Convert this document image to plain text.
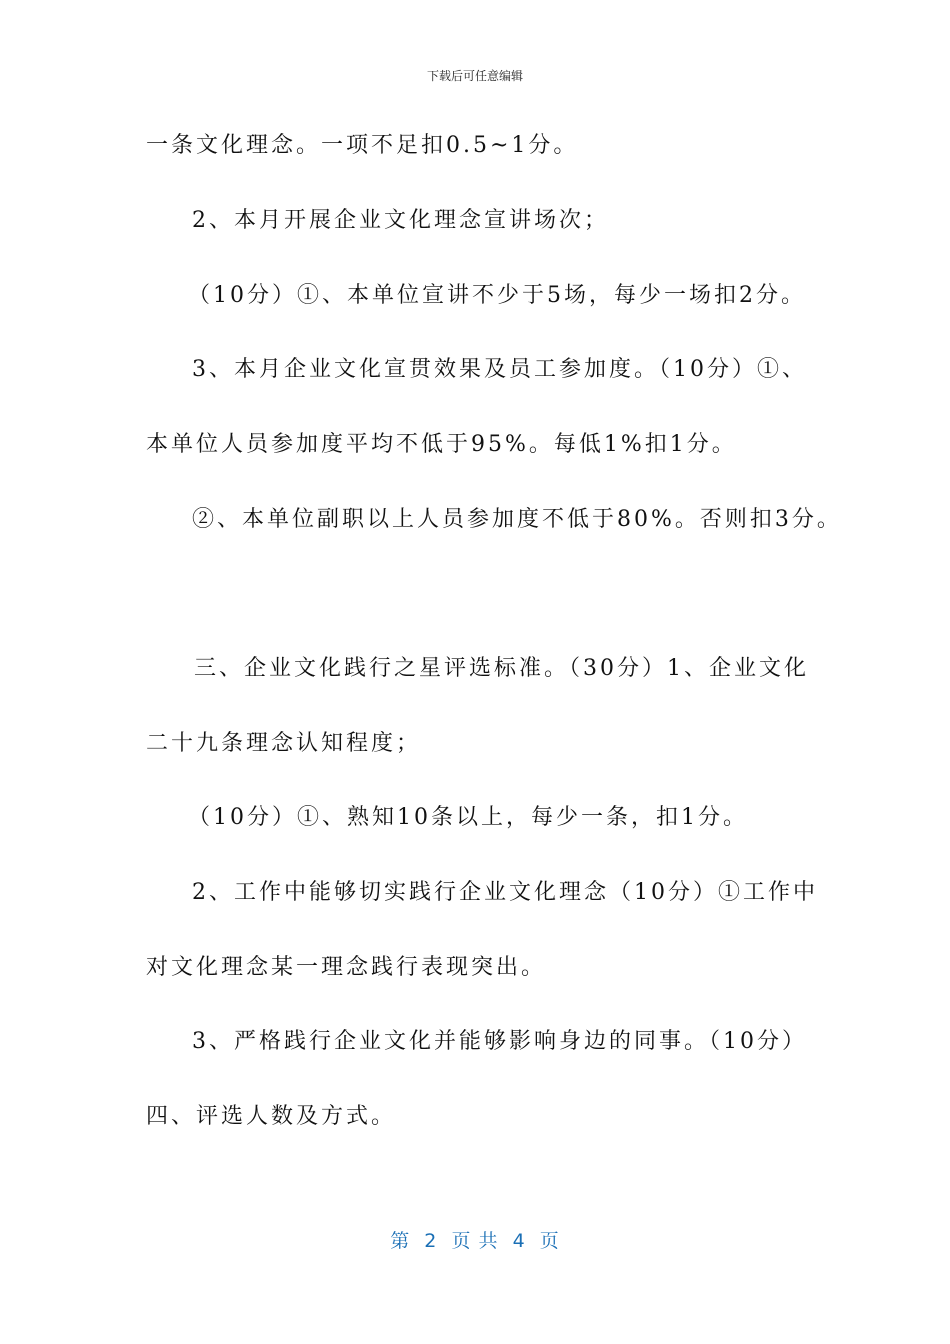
下载后可任意编辑
一条文化理念。一项不足扣0.5~1分。
2、本月开展企业文化理念宣讲场次；
（10分）①、本单位宣讲不少于5场，每少一场扣2分。
3、本月企业文化宣贯效果及员工参加度。（10分）①、
本单位人员参加度平均不低于95%。每低1%扣1分。
②、本单位副职以上人员参加度不低于80%。否则扣3分。
三、企业文化践行之星评选标准。（30分）1、企业文化
二十九条理念认知程度；
（10分）①、熟知10条以上，每少一条，扣1分。
2、工作中能够切实践行企业文化理念（10分）①工作中
对文化理念某一理念践行表现突出。
3、严格践行企业文化并能够影响身边的同事。（10分）
四、评选人数及方式。
第  2  页 共  4  页
